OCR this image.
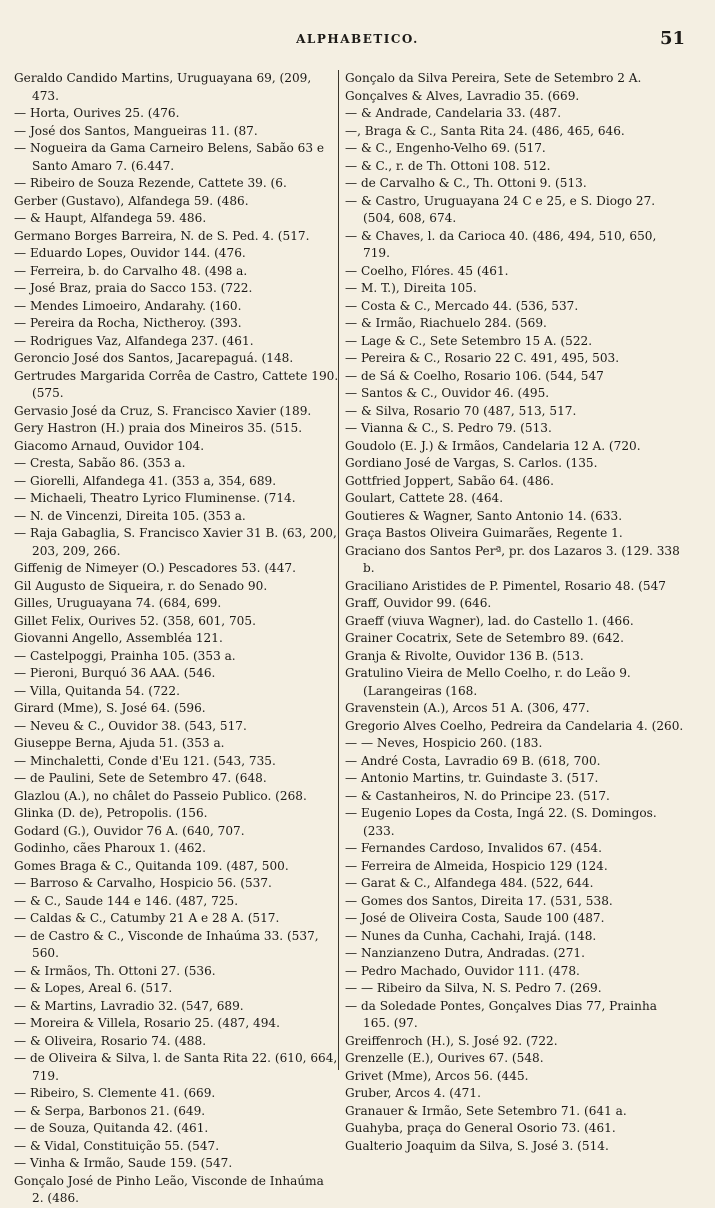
ALPHABETICO.	51
Geraldo Candido Martins, Uruguayana 69, (209, 473.
— Horta, Ourives 25. (476.
— José dos Santos, Mangueiras 11. (87.
— Nogueira da Gama Carneiro Belens, Sabão 63 e Santo Amaro 7. (6.447.
— Ribeiro de Souza Rezende, Cattete 39. (6.
Gerber (Gustavo), Alfandega 59. (486.
— & Haupt, Alfandega 59. 486.
Germano Borges Barreira, N. de S. Ped. 4. (517.
— Eduardo Lopes, Ouvidor 144. (476.
— Ferreira, b. do Carvalho 48. (498 a.
— José Braz, praia do Sacco 153. (722.
— Mendes Limoeiro, Andarahy. (160.
— Pereira da Rocha, Nictheroy. (393.
— Rodrigues Vaz, Alfandega 237. (461.
Geroncio José dos Santos, Jacarepaguá. (148.
Gertrudes Margarida Corrêa de Castro, Cattete 190. (575.
Gervasio José da Cruz, S. Francisco Xavier (189.
Gery Hastron (H.) praia dos Mineiros 35. (515.
Giacomo Arnaud, Ouvidor 104.
— Cresta, Sabão 86. (353 a.
— Giorelli, Alfandega 41. (353 a, 354, 689.
— Michaeli, Theatro Lyrico Fluminense. (714.
— N. de Vincenzi, Direita 105. (353 a.
— Raja Gabaglia, S. Francisco Xavier 31 B. (63, 200, 203, 209, 266.
Giffenig de Nimeyer (O.) Pescadores 53. (447.
Gil Augusto de Siqueira, r. do Senado 90.
Gilles, Uruguayana 74. (684, 699.
Gillet Felix, Ourives 52. (358, 601, 705.
Giovanni Angello, Assembléa 121.
— Castelpoggi, Prainha 105. (353 a.
— Pieroni, Burquó 36 AAA. (546.
— Villa, Quitanda 54. (722.
Girard (Mme), S. José 64. (596.
— Neveu & C., Ouvidor 38. (543, 517.
Giuseppe Berna, Ajuda 51. (353 a.
— Minchaletti, Conde d'Eu 121. (543, 735.
— de Paulini, Sete de Setembro 47. (648.
Glazlou (A.), no châlet do Passeio Publico. (268.
Glinka (D. de), Petropolis. (156.
Godard (G.), Ouvidor 76 A. (640, 707.
Godinho, cães Pharoux 1. (462.
Gomes Braga & C., Quitanda 109. (487, 500.
— Barroso & Carvalho, Hospicio 56. (537.
— & C., Saude 144 e 146. (487, 725.
— Caldas & C., Catumby 21 A e 28 A. (517.
— de Castro & C., Visconde de Inhaúma 33. (537, 560.
— & Irmãos, Th. Ottoni 27. (536.
— & Lopes, Areal 6. (517.
— & Martins, Lavradio 32. (547, 689.
— Moreira & Villela, Rosario 25. (487, 494.
— & Oliveira, Rosario 74. (488.
— de Oliveira & Silva, l. de Santa Rita 22. (610, 664, 719.
— Ribeiro, S. Clemente 41. (669.
— & Serpa, Barbonos 21. (649.
— de Souza, Quitanda 42. (461.
— & Vidal, Constituição 55. (547.
— Vinha & Irmão, Saude 159. (547.
Gonçalo José de Pinho Leão, Visconde de Inhaúma 2. (486.
Gonçalo da Silva Pereira, Sete de Setembro 2 A.
Gonçalves & Alves, Lavradio 35. (669.
— & Andrade, Candelaria 33. (487.
—, Braga & C., Santa Rita 24. (486, 465, 646.
— & C., Engenho-Velho 69. (517.
— & C., r. de Th. Ottoni 108. 512.
— de Carvalho & C., Th. Ottoni 9. (513.
— & Castro, Uruguayana 24 C e 25, e S. Diogo 27. (504, 608, 674.
— & Chaves, l. da Carioca 40. (486, 494, 510, 650, 719.
— Coelho, Flóres. 45 (461.
— M. T.), Direita 105.
— Costa & C., Mercado 44. (536, 537.
— & Irmão, Riachuelo 284. (569.
— Lage & C., Sete Setembro 15 A. (522.
— Pereira & C., Rosario 22 C. 491, 495, 503.
— de Sá & Coelho, Rosario 106. (544, 547
— Santos & C., Ouvidor 46. (495.
— & Silva, Rosario 70 (487, 513, 517.
— Vianna & C., S. Pedro 79. (513.
Goudolo (E. J.) & Irmãos, Candelaria 12 A. (720.
Gordiano José de Vargas, S. Carlos. (135.
Gottfried Joppert, Sabão 64. (486.
Goulart, Cattete 28. (464.
Goutieres & Wagner, Santo Antonio 14. (633.
Graça Bastos Oliveira Guimarães, Regente 1.
Graciano dos Santos Perª, pr. dos Lazaros 3. (129. 338 b.
Graciliano Aristides de P. Pimentel, Rosario 48. (547
Graff, Ouvidor 99. (646.
Graeff (viuva Wagner), lad. do Castello 1. (466.
Grainer Cocatrix, Sete de Setembro 89. (642.
Granja & Rivolte, Ouvidor 136 B. (513.
Gratulino Vieira de Mello Coelho, r. do Leão 9. (Larangeiras (168.
Gravenstein (A.), Arcos 51 A. (306, 477.
Gregorio Alves Coelho, Pedreira da Candelaria 4. (260.
— — Neves, Hospicio 260. (183.
— André Costa, Lavradio 69 B. (618, 700.
— Antonio Martins, tr. Guindaste 3. (517.
— & Castanheiros, N. do Principe 23. (517.
— Eugenio Lopes da Costa, Ingá 22. (S. Domingos. (233.
— Fernandes Cardoso, Invalidos 67. (454.
— Ferreira de Almeida, Hospicio 129 (124.
— Garat & C., Alfandega 484. (522, 644.
— Gomes dos Santos, Direita 17. (531, 538.
— José de Oliveira Costa, Saude 100 (487.
— Nunes da Cunha, Cachahi, Irajá. (148.
— Nanzianzeno Dutra, Andradas. (271.
— Pedro Machado, Ouvidor 111. (478.
— — Ribeiro da Silva, N. S. Pedro 7. (269.
— da Soledade Pontes, Gonçalves Dias 77, Prainha 165. (97.
Greiffenroch (H.), S. José 92. (722.
Grenzelle (E.), Ourives 67. (548.
Grivet (Mme), Arcos 56. (445.
Gruber, Arcos 4. (471.
Granauer & Irmão, Sete Setembro 71. (641 a.
Guahyba, praça do General Osorio 73. (461.
Gualterio Joaquim da Silva, S. José 3. (514.
